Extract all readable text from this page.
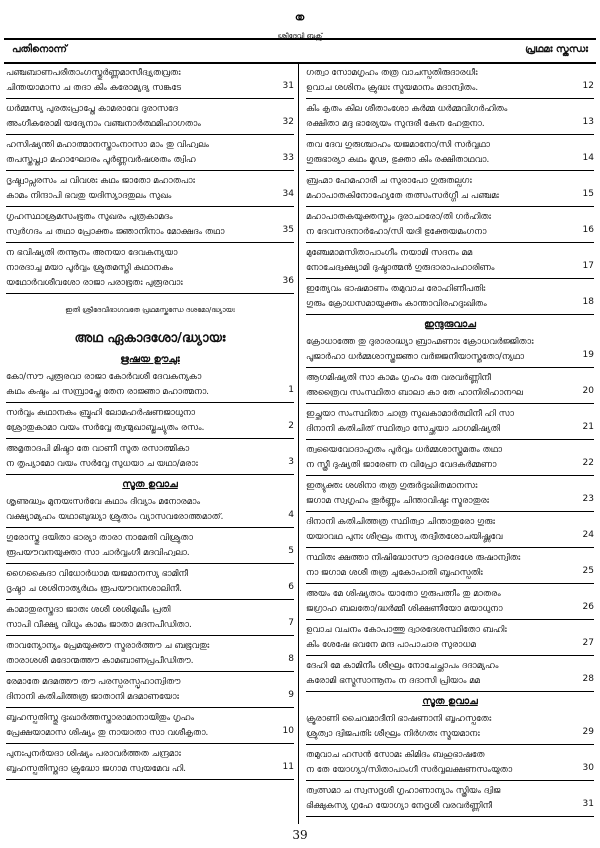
പതിനൊന്ന്	പ്രഥമഃ സ്കന്ധഃ
⚭
ശ്രീദേവി ബുക്സ്
പഞ്ചബാണപരീതാംഗസ്തുർണ്ണമാസീദ്വ്യതവ്രതഃ
ചിന്തയാമാസ ച തദാ കിം കരോമ്യദ്യ സങ്കടേ	31
ധർമ്മസ്യ പുരതഃപ്രാപ്തേ കാമരാവേ ദുരാസദേ
അംഗീകരോമി യദ്യേനാം വഞ്ചനാർത്ഥമിഹാഗതാം	32
ഹസിഷ്യന്തി മഹാത്മാനസ്താംനാസാ മാം തു വിഹ്വലം
തപസ്തപ്ത്വാ മഹാഘോരം പൂർണ്ണവർഷശതം ത്വിഹ	33
ദൃഷ്ട്വാപ്സരസം ച വിവശഃ കഥം ജാതോ മഹാതപാഃ
കാമം നിന്ദാപി ഭവതു യദിസ്യാദതുലം സുഖം	34
ഗൃഹസ്ഥാശ്രമസംഭൂതം സുഖരം പുത്രകാമദം
സ്വർഗദം ച തഥാ പ്രോക്തം ജ്ഞാനിനാം മോക്ഷദം തഥാ	35
ന ഭവിഷ്യതി തന്നൂനം അനയാ ദേവകന്യയാ
നാരദാച്ച മയാ പൂർവ്വം ശ്രുതമസ്തി കഥാനകം
യഥോർവശീവശോ രാജാ പരാഭൂതഃ പുരൂരവാഃ	36
ഇതി ശ്രീദേവീഭാഗവതേ പ്രഥമസ്കന്ധേ ദശമോ/ദ്ധ്യായഃ
അഥ ഏകാദശോ/ദ്ധ്യായഃ
ഋഷയ ഊചുഃ
കോ/സൗ പുരൂരവാ രാജാ കോർവശീ ദേവകന്യകാ
കഥം കഷ്ടം ച സമ്പ്രാപ്തേ തേന രാജ്ഞാ മഹാത്മനാ.	1
സർവ്വം കഥാനകം ബ്രൂഹി ലോമഹർഷണജാധുനാ
ശ്രോതുകാമാ വയം സർവ്വേ ത്വന്മുഖാബ്ജച്യുതം രസം.	2
അമൃതാദപി മിഷ്ടാ തേ വാണീ സൂത രസാത്മികാ
ന തൃപ്യാമോ വയം സർവ്വേ സുധയാ ച യഥാ/മരാഃ	3
സൂത ഉവാച
ശൃണുദ്ധ്വം മുനയഃസർവേ കഥാം ദിവ്യാം മനോരമാം
വക്ഷ്യാമ്യഹം യഥാബുദ്ധ്യാ ശ്രുതാം വ്യാസവരോത്തമാത്.	4
ഗുരോസ്തു ദയിതാ ഭാര്യാ താരാ നാമേതി വിശ്രുതാ
രൂപയൗവനയുക്താ സാ ചാർവ്വംഗീ മദവിഹ്വലാ.	5
ഗൈകൈദാ വിധോർധാമ യജമാനസ്യ ഭാമിനീ
ദൃഷ്ടാ ച ശശിനാത്യർഥം രൂപയൗവനശാലിനീ.	6
കാമാതുരസ്തദാ ജാതഃ ശശീ ശശിമുഖീം പ്രതി
സാപി വീക്ഷ്യ വിധും കാമം ജാതാ മദനപീഡിതാ.	7
താവന്യോന്യം പ്രേമയുക്തൗ സ്മരാർത്തൗ ച ബഭൂവതുഃ
താരാശശീ മദോന്മത്തൗ കാമബാണപ്രപീഡിതൗ.	8
രേമാതേ മദമത്തൗ തൗ പരസ്പരസ്പൃഹാന്വിതൗ
ദിനാനി കതിചിത്തത്ര ജാതാനി മദമാണയോഃ	9
ബൃഹസ്പതിസ്തു ദുഃഖാർത്തസ്താരാമാനായിതും ഗൃഹം
പ്രേക്ഷയാമാസ ശിഷ്യം തു നായാതാ സാ വശീകൃതാ.	10
പുനഃപുനർയദാ ശിഷ്യം പരാവർത്തത ചന്ദ്രമാഃ
ബൃഹസ്പതിസ്തദാ ക്രുദ്ധോ ജഗാമ സ്വയമേവ ഹി.	11
ഗത്വാ സോമഗൃഹം തത്ര വാചസ്പതിരുദാരധീഃ
ഉവാച ശശിനം ക്രുദ്ധഃ സ്മയമാനം മദാന്വിതം.	12
കിം കൃതം കില ശീതാംശോ കർമ്മ ധർമ്മവിഗർഹിതം
രക്ഷിതാ മദ്ദ ഭാര്യേയം സുന്ദരീ കേന ഹേതുനാ.	13
തവ ദേവ ഗുരുശ്ചാഹം യജമാനോ/സി സർവ്വഥാ
ഗുരുഭാര്യാ കഥം മൂഢ, ഭുക്താ കിം രക്ഷിതാഥവാ.	14
ബ്രഹ്മാ ഹേമഹാരീ ച സുരാപോ ഗുരുതല്പഗഃ
മഹാപാതകിനോഹ്യേതേ തത്സംസർഗ്ഗീ ച പഞ്ചമഃ	15
മഹാപാതകയുക്തസ്ത്വം ദുരാചാരോ/തി ഗർഹിതഃ
ന ദേവസദനാർഹോ/സി യദി ഭുക്തേയമംഗനാ	16
മുഞ്ചേമാമസിതാപാംഗീം നയാമി സദനം മമ
നോചേദ്വക്ഷ്യാമി ദുഷ്ടാത്മൻ ഗുരുദാരാപഹാരിണം	17
ഇത്യേവം ഭാഷമാണം തമുവാച രോഹിണീപതിഃ
ഗുരും ക്രോധസമായുക്തം കാന്താവിരഹദുഃഖിതം	18
ഇന്ദുരുവാച
ക്രോധാത്തേ തു ദുരാരാദ്ധ്യാ ബ്രാഹ്മണാഃ ക്രോധവർജ്ജിതാഃ
പൂജാർഹാ ധർമ്മശാസ്ത്രജ്ഞാ വർജ്ജനീയാസ്തതോ/ന്യഥാ	19
ആഗമിഷ്യതി സാ കാമം ഗൃഹം തേ വരവർണ്ണിനീ
അത്രൈവ സംസ്ഥിതാ ബാലാ കാ തേ ഹാനിരിഹാനഘ	20
ഇച്ഛയാ സംസ്ഥിതാ ചാത്ര സുഖകാമാർത്ഥിനീ ഹി സാ
ദിനാനി കതിചിത് സ്ഥിത്വാ സേച്ഛയാ ചാഗമിഷ്യതി	21
ത്വയൈവോദാഹൃതം പൂർവ്വം ധർമ്മശാസ്ത്രമതം തഥാ
ന സ്ത്രീ ദുഷ്യതി ജാരേണ ന വിപ്രോ വേദകർമ്മണാ	22
ഇത്യുക്തഃ ശശിനാ തത്ര ഗുരുർദുഃഖിതമാനസഃ
ജഗാമ സ്വഗൃഹം തൂർണ്ണം ചിന്താവിഷ്ടഃ സ്മരാതുരഃ	23
ദിനാനി കതിചിത്തത്ര സ്ഥിത്വാ ചിന്താതുരോ ഗുരുഃ
യയാവഥ പുനഃ ശീഘ്രം തസ്യ തദ്വീതശോചയിഷ്ണവേ	24
സ്ഥിതഃ ക്ഷത്താ നിഷിദ്ധോസൗ ദ്വാരദേശേ രുഷാന്വിതഃ
നാ ജഗാമ ശശീ തത്ര ചുകോപാതി ബൃഹസ്പതിഃ	25
അയം മേ ശിഷ്യതാം യാതോ ഗുരുപത്നീം തു മാതരം
ജഗ്രാഹ ബലതോ/ദ്ധർമ്മീ ശിക്ഷണീയോ മയാധുനാ	26
ഉവാച വചനം കോപാത്തു ദ്വാരദേശസ്ഥിതോ ബഹിഃ
കിം ശേഷേ ഭവനേ മന്ദ പാപാചാര സുരാധമ	27
ദേഹി മേ കാമിനീം ശീഘ്രം നോചേച്ഛാപം ദദാമ്യഹം
കരോമി ഭസ്മസാന്നൂനം ന ദദാസി പ്രിയാം മമ	28
സൂത ഉവാച
ക്രൂരാണി ചൈവമാദീനി ഭാഷണാനി ബൃഹസ്പതേഃ
ശ്രുത്വാ ദ്വിജപതിഃ ശീഘ്രം നിർഗതഃ സ്മയമാനഃ	29
തമുവാച ഹസൻ സോമഃ കിമിദം ബഹുഭാഷതേ
ന തേ യോഗ്യാ/സിതാപാംഗീ സർവ്വലക്ഷണസംയുതാ	30
ത്വത്സമാ ച സ്വസദൃശീ ഗൃഹാണാന്യാം സ്ത്രിയം ദ്വിജ
ഭിക്ഷുകസ്യ ഗൃഹേ യോഗ്യാ നേദൃശീ വരവർണ്ണിനീ	31
39
